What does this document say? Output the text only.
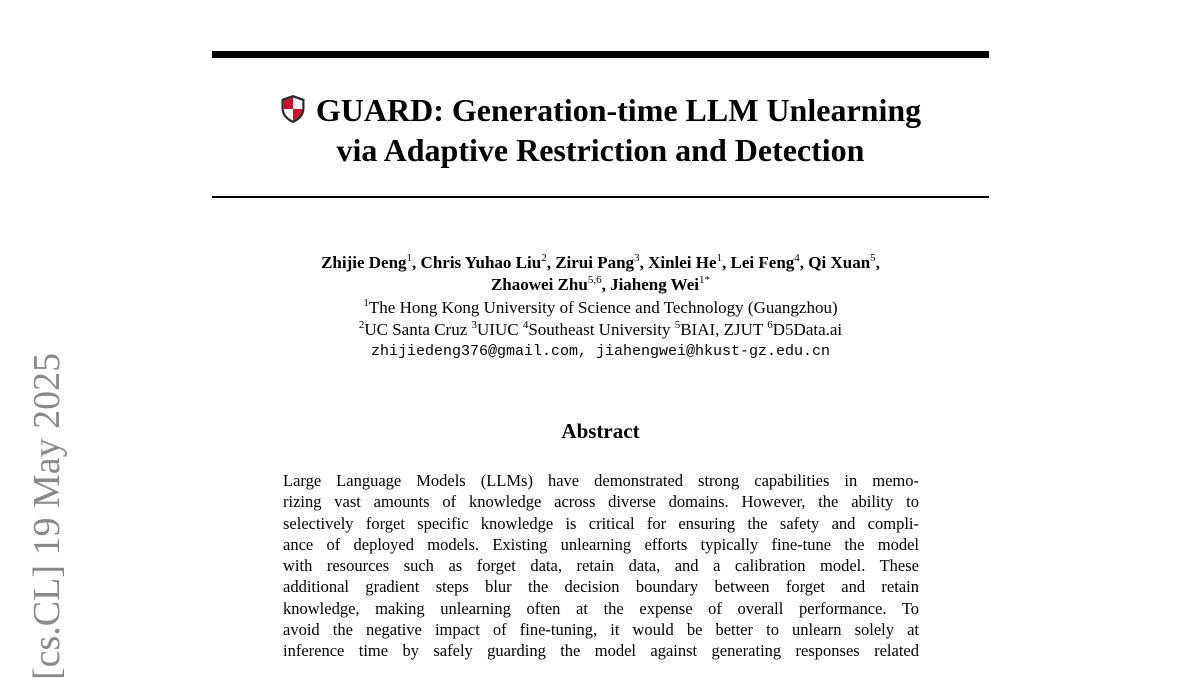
GUARD: Generation-time LLM Unlearning
via Adaptive Restriction and Detection
Zhijie Deng$^1$, Chris Yuhao Liu$^2$, Zirui Pang$^3$, Xinlei He$^1$, Lei Feng$^4$, Qi Xuan$^5$,
Zhaowei Zhu$^{5,6}$, Jiaheng Wei$^{1*}$
$^1$The Hong Kong University of Science and Technology (Guangzhou)
$^2$UC Santa Cruz $^3$UIUC $^4$Southeast University $^5$BIAI, ZJUT $^6$D5Data.ai
zhijiedeng376@gmail.com, jiahengwei@hkust-gz.edu.cn
Abstract
Large Language Models (LLMs) have demonstrated strong capabilities in memo-
rizing vast amounts of knowledge across diverse domains. However, the ability to
selectively forget specific knowledge is critical for ensuring the safety and compli-
ance of deployed models. Existing unlearning efforts typically fine-tune the model
with resources such as forget data, retain data, and a calibration model. These
additional gradient steps blur the decision boundary between forget and retain
knowledge, making unlearning often at the expense of overall performance. To
avoid the negative impact of fine-tuning, it would be better to unlearn solely at
inference time by safely guarding the model against generating responses related
[cs.CL] 19 May 2025
